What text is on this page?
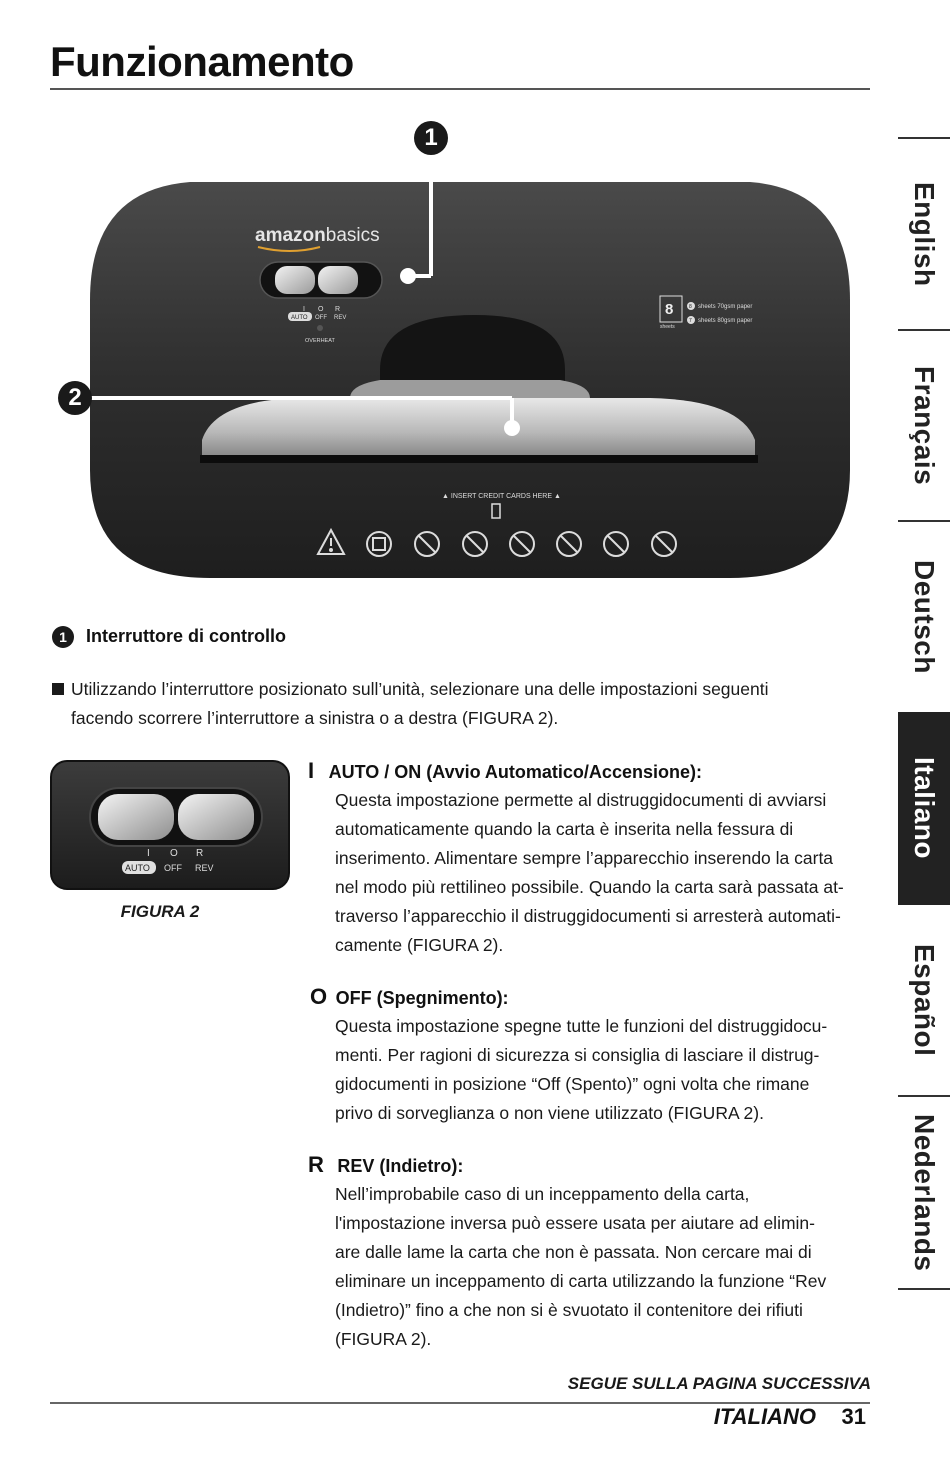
Funzionamento
English
Français
Deutsch
Italiano
Español
Nederlands
amazonbasics
I O R
AUTO OFF REV
OVERHEAT
8
sheets
8 sheets 70gsm paper
7 sheets 80gsm paper
▲ INSERT CREDIT CARDS HERE ▲
1
2
1	Interruttore di controllo
Utilizzando l’interruttore posizionato sull’unità, selezionare una delle impostazioni seguenti
facendo scorrere l’interruttore a sinistra o a destra (FIGURA 2).
I O R
AUTO OFF REV
FIGURA 2
I AUTO / ON (Avvio Automatico/Accensione):
Questa impostazione permette al distruggidocumenti di avviarsi
automaticamente quando la carta è inserita nella fessura di
inserimento. Alimentare sempre l’apparecchio inserendo la carta
nel modo più rettilineo possibile. Quando la carta sarà passata at-
traverso l’apparecchio il distruggidocumenti si arresterà automati-
camente (FIGURA 2).
O OFF (Spegnimento):
Questa impostazione spegne tutte le funzioni del distruggidocu-
menti. Per ragioni di sicurezza si consiglia di lasciare il distrug-
gidocumenti in posizione “Off (Spento)” ogni volta che rimane
privo di sorveglianza o non viene utilizzato (FIGURA 2).
R REV (Indietro):
Nell’improbabile caso di un inceppamento della carta,
l'impostazione inversa può essere usata per aiutare ad elimin-
are dalle lame la carta che non è passata. Non cercare mai di
eliminare un inceppamento di carta utilizzando la funzione “Rev
(Indietro)” fino a che non si è svuotato il contenitore dei rifiuti
(FIGURA 2).
SEGUE SULLA PAGINA SUCCESSIVA
ITALIANO 31
